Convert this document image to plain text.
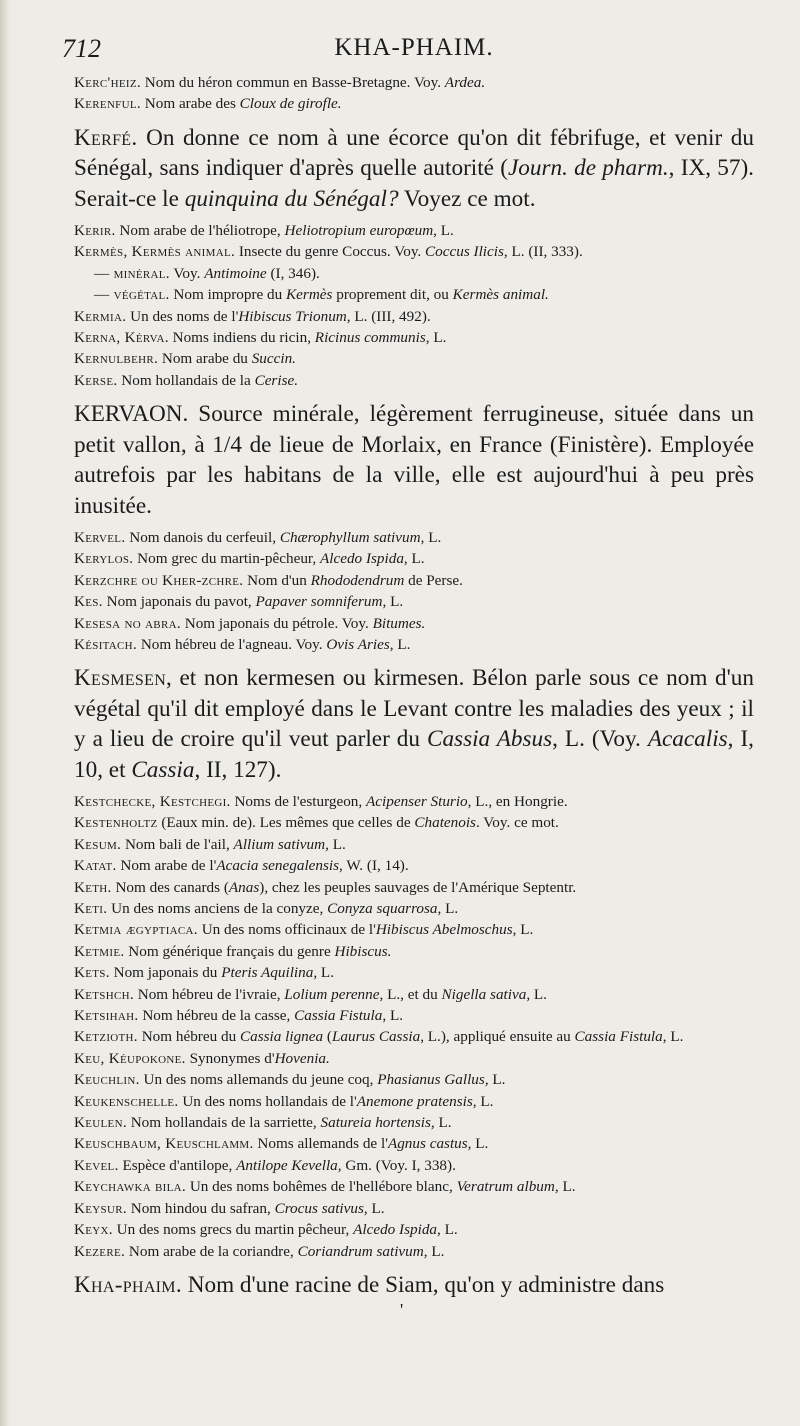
712	KHA-PHAIM.

Kerc'heiz. Nom du héron commun en Basse-Bretagne. Voy. Ardea.

Kerenful. Nom arabe des Cloux de girofle.

Kerfé. On donne ce nom à une écorce qu'on dit fébrifuge, et venir du Sénégal, sans indiquer d'après quelle autorité (Journ. de pharm., IX, 57). Serait-ce le quinquina du Sénégal? Voyez ce mot.

Kerir. Nom arabe de l'héliotrope, Heliotropium europœum, L.

Kermès, Kermès animal. Insecte du genre Coccus. Voy. Coccus Ilicis, L. (II, 333).

— minéral. Voy. Antimoine (I, 346).

— végétal. Nom impropre du Kermès proprement dit, ou Kermès animal.

Kermia. Un des noms de l'Hibiscus Trionum, L. (III, 492).

Kerna, Kérva. Noms indiens du ricin, Ricinus communis, L.

Kernulbehr. Nom arabe du Succin.

Kerse. Nom hollandais de la Cerise.

KERVAON. Source minérale, légèrement ferrugineuse, située dans un petit vallon, à 1/4 de lieue de Morlaix, en France (Finistère). Employée autrefois par les habitans de la ville, elle est aujourd'hui à peu près inusitée.

Kervel. Nom danois du cerfeuil, Chærophyllum sativum, L.

Kerylos. Nom grec du martin-pêcheur, Alcedo Ispida, L.

Kerzchre ou Kher-zchre. Nom d'un Rhododendrum de Perse.

Kes. Nom japonais du pavot, Papaver somniferum, L.

Kesesa no abra. Nom japonais du pétrole. Voy. Bitumes.

Késitach. Nom hébreu de l'agneau. Voy. Ovis Aries, L.

Kesmesen, et non kermesen ou kirmesen. Bélon parle sous ce nom d'un végétal qu'il dit employé dans le Levant contre les maladies des yeux ; il y a lieu de croire qu'il veut parler du Cassia Absus, L. (Voy. Acacalis, I, 10, et Cassia, II, 127).

Kestchecke, Kestchegi. Noms de l'esturgeon, Acipenser Sturio, L., en Hongrie.

Kestenholtz (Eaux min. de). Les mêmes que celles de Chatenois. Voy. ce mot.

Kesum. Nom bali de l'ail, Allium sativum, L.

Katat. Nom arabe de l'Acacia senegalensis, W. (I, 14).

Keth. Nom des canards (Anas), chez les peuples sauvages de l'Amérique Septentr.

Keti. Un des noms anciens de la conyze, Conyza squarrosa, L.

Ketmia ægyptiaca. Un des noms officinaux de l'Hibiscus Abelmoschus, L.

Ketmie. Nom générique français du genre Hibiscus.

Kets. Nom japonais du Pteris Aquilina, L.

Ketshch. Nom hébreu de l'ivraie, Lolium perenne, L., et du Nigella sativa, L.

Ketsihah. Nom hébreu de la casse, Cassia Fistula, L.

Ketzioth. Nom hébreu du Cassia lignea (Laurus Cassia, L.), appliqué ensuite au Cassia Fistula, L.

Keu, Kéupokone. Synonymes d'Hovenia.

Keuchlin. Un des noms allemands du jeune coq, Phasianus Gallus, L.

Keukenschelle. Un des noms hollandais de l'Anemone pratensis, L.

Keulen. Nom hollandais de la sarriette, Satureia hortensis, L.

Keuschbaum, Keuschlamm. Noms allemands de l'Agnus castus, L.

Kevel. Espèce d'antilope, Antilope Kevella, Gm. (Voy. I, 338).

Keychawka bila. Un des noms bohêmes de l'hellébore blanc, Veratrum album, L.

Keysur. Nom hindou du safran, Crocus sativus, L.

Keyx. Un des noms grecs du martin pêcheur, Alcedo Ispida, L.

Kezere. Nom arabe de la coriandre, Coriandrum sativum, L.

Kha-phaim. Nom d'une racine de Siam, qu'on y administre dans

'
